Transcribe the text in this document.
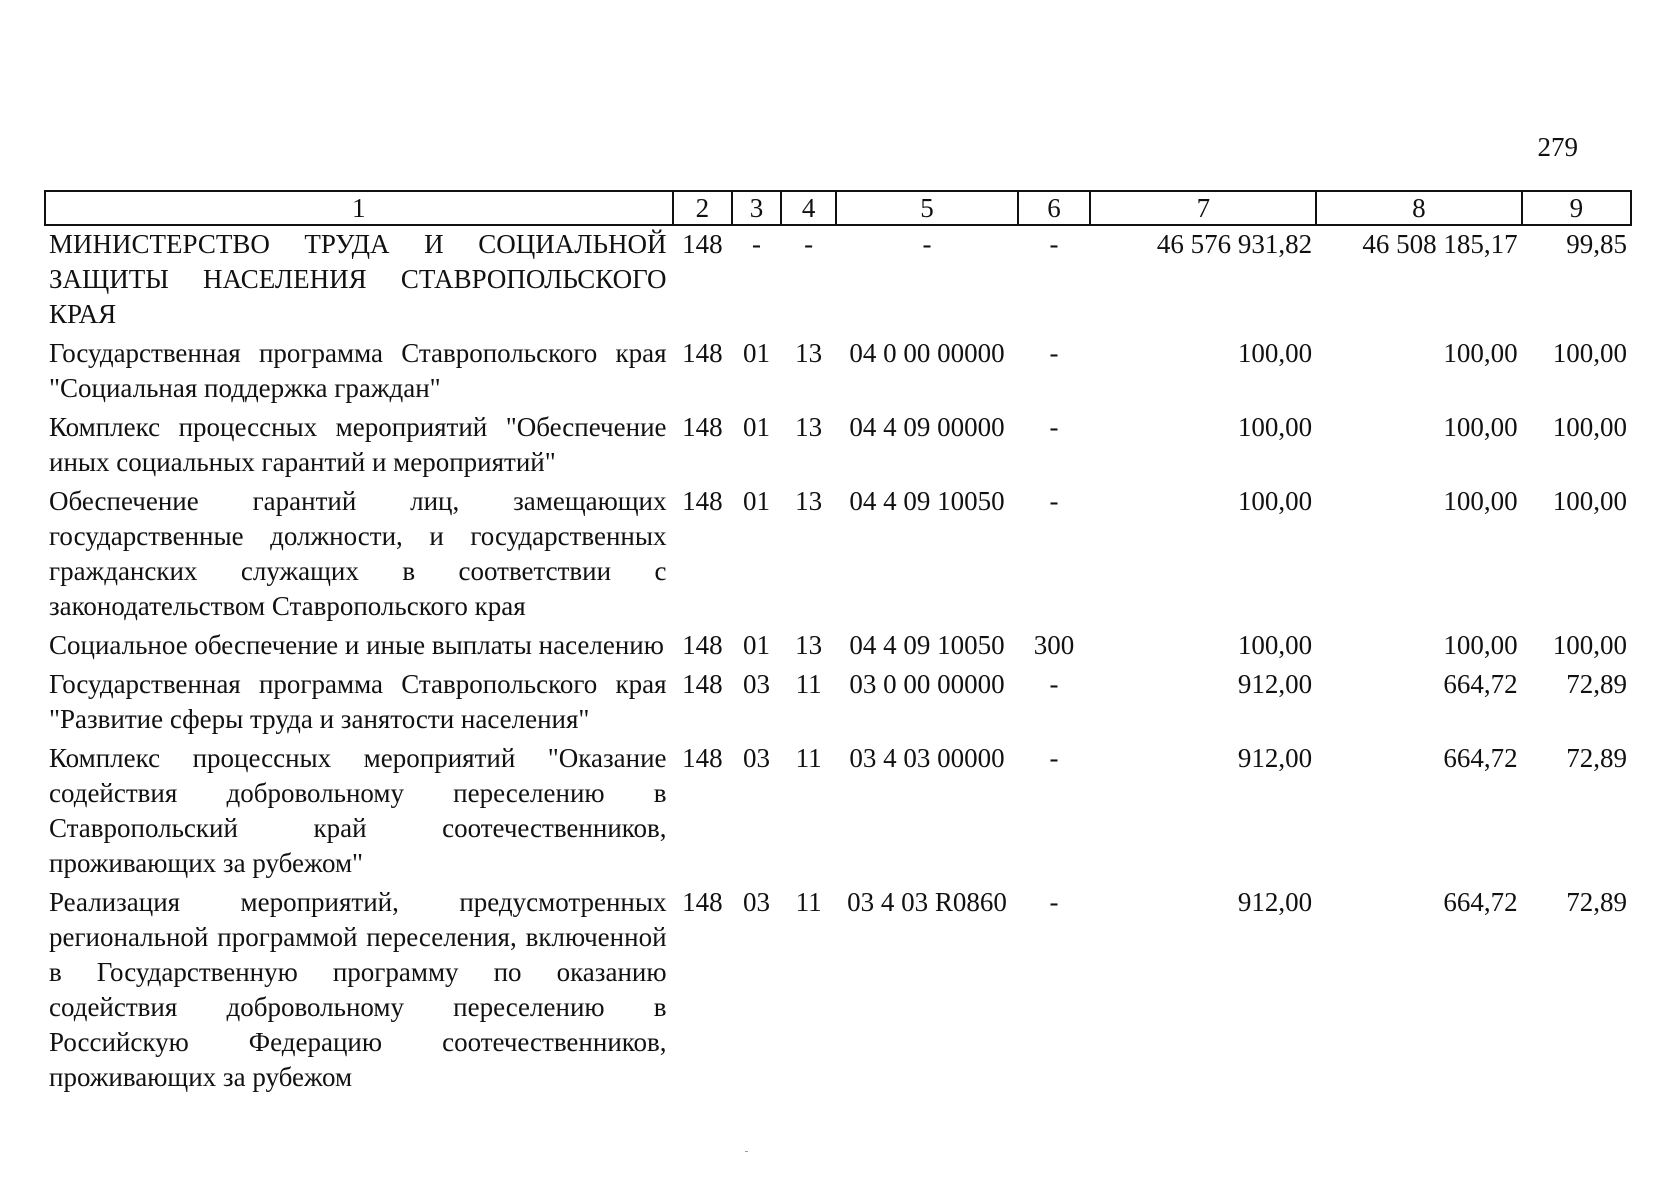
279
1	2	3	4	5	6	7	8	9
МИНИСТЕРСТВО ТРУДА И СОЦИАЛЬНОЙ ЗАЩИТЫ НАСЕЛЕНИЯ СТАВРОПОЛЬСКОГО КРАЯ	148	-	-	-	-	46 576 931,82	46 508 185,17	99,85
Государственная программа Ставропольского края "Социальная поддержка граждан"	148	01	13	04 0 00 00000	-	100,00	100,00	100,00
Комплекс процессных мероприятий "Обеспечение иных социальных гарантий и мероприятий"	148	01	13	04 4 09 00000	-	100,00	100,00	100,00
Обеспечение гарантий лиц, замещающих государственные должности, и государственных гражданских служащих в соответствии с законодательством Ставропольского края	148	01	13	04 4 09 10050	-	100,00	100,00	100,00
Социальное обеспечение и иные выплаты населению	148	01	13	04 4 09 10050	300	100,00	100,00	100,00
Государственная программа Ставропольского края "Развитие сферы труда и занятости населения"	148	03	11	03 0 00 00000	-	912,00	664,72	72,89
Комплекс процессных мероприятий "Оказание содействия добровольному переселению в Ставропольский край соотечественников, проживающих за рубежом"	148	03	11	03 4 03 00000	-	912,00	664,72	72,89
Реализация мероприятий, предусмотренных региональной программой переселения, включенной в Государственную программу по оказанию содействия добровольному переселению в Российскую Федерацию соотечественников, проживающих за рубежом	148	03	11	03 4 03 R0860	-	912,00	664,72	72,89
